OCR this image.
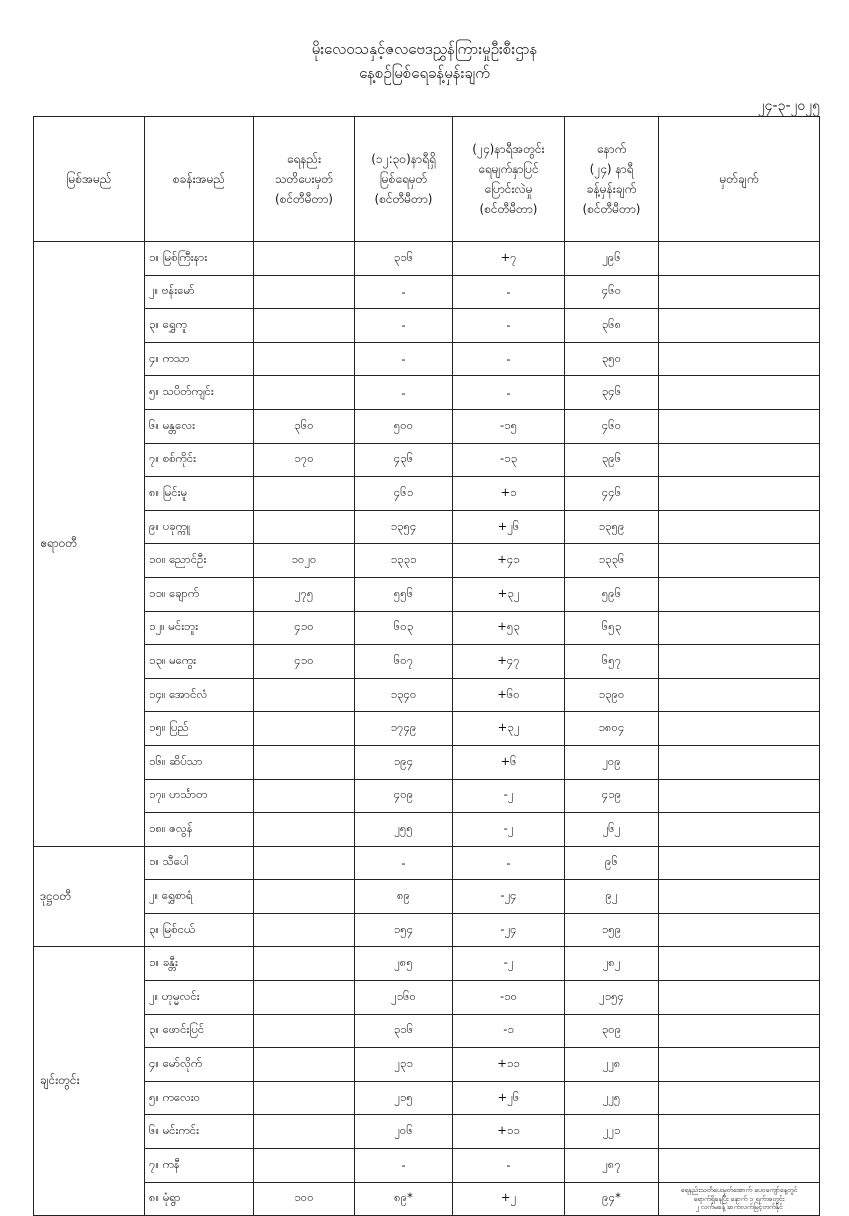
မိုးလေဝသနှင့်ဇလဗေဒညွှန်ကြားမှုဦးစီးဌာန
နေ့စဉ်မြစ်ရေခန့်မှန်းချက်
၂၄-၃-၂၀၂၅
မြစ်အမည်	စခန်းအမည်	ရေနည်း
သတိပေးမှတ်
(စင်တီမီတာ)	(၁၂:၃၀)နာရီရှိ
မြစ်ရေမှတ်
(စင်တီမီတာ)	(၂၄)နာရီအတွင်း
ရေမျက်နှာပြင်
ပြောင်းလဲမှု
(စင်တီမီတာ)	နောက်
(၂၄) နာရီ
ခန့်မှန်းချက်
(စင်တီမီတာ)	မှတ်ချက်
ဧရာဝတီ	၁။ မြစ်ကြီးနား		၃၁၆	+၇	၂၉၆	
	၂။ ဗန်းမော်		-	-	၄၆၀	
	၃။ ရွှေကူ		-	-	၃၆၈	
	၄။ ကသာ		-	-	၃၅၀	
	၅။ သပိတ်ကျင်း		-	-	၃၄၆	
	၆။ မန္တလေး	၃၆၀	၅၀၀	-၁၅	၄၆၀	
	၇။ စစ်ကိုင်း	၁၇၀	၄၃၆	-၁၃	၃၉၆	
	၈။ မြင်းမူ		၄၆၁	+၁	၄၄၆	
	၉။ ပခုက္ကူ		၁၃၅၄	+၂၆	၁၃၅၉	
	၁၀။ ညောင်ဦး	၁၀၂၀	၁၃၃၁	+၄၁	၁၃၃၆	
	၁၁။ ချောက်	၂၇၅	၅၅၆	+၃၂	၅၉၆	
	၁၂။ မင်းဘူး	၄၁၀	၆၀၃	+၅၃	၆၅၃	
	၁၃။ မကွေး	၄၁၀	၆၀၇	+၄၇	၆၅၇	
	၁၄။ အောင်လံ		၁၃၄၀	+၆၀	၁၃၉၀	
	၁၅။ ပြည်		၁၇၄၉	+၃၂	၁၈၀၄	
	၁၆။ ဆိပ်သာ		၁၉၄	+၆	၂၀၉	
	၁၇။ ဟင်္သာတ		၄၀၉	-၂	၄၁၉	
	၁၈။ ဇလွန်		၂၅၅	-၂	၂၆၂	
ဒုဋ္ဌဝတီ	၁။ သီပေါ		-	-	၉၆	
	၂။ ရွှေစာရံ		၈၉	-၂၄	၉၂	
	၃။ မြစ်ငယ်		၁၅၄	-၂၄	၁၅၉	
ချင်းတွင်း	၁။ ခန္တီး		၂၈၅	-၂	၂၈၂	
	၂။ ဟုမ္မလင်း		၂၁၆၀	-၁၀	၂၁၅၄	
	၃။ ဖောင်းပြင်		၃၁၆	-၁	၃၀၉	
	၄။ မော်လိုက်		၂၃၁	+၁၁	၂၂၈	
	၅။ ကလေးဝ		၂၁၅	+၂၆	၂၂၅	
	၆။ မင်းကင်း		၂၀၆	+၁၁	၂၂၁	
	၇။ ကနီ		-	-	၂၈၇	
	၈။ မုံရွာ	၁၀၀	၈၉*	+၂	၉၄*	ရေနည်းသတိပေးမှတ်အောက် ပေ၀ကျော်နေ့တွင်
ရောက်ရှိနေပြီး နောက် ၁ ရက်အတွင်း
၂ လက်မခန့် ဆက်လက်မြင့်တက်နိုင်
